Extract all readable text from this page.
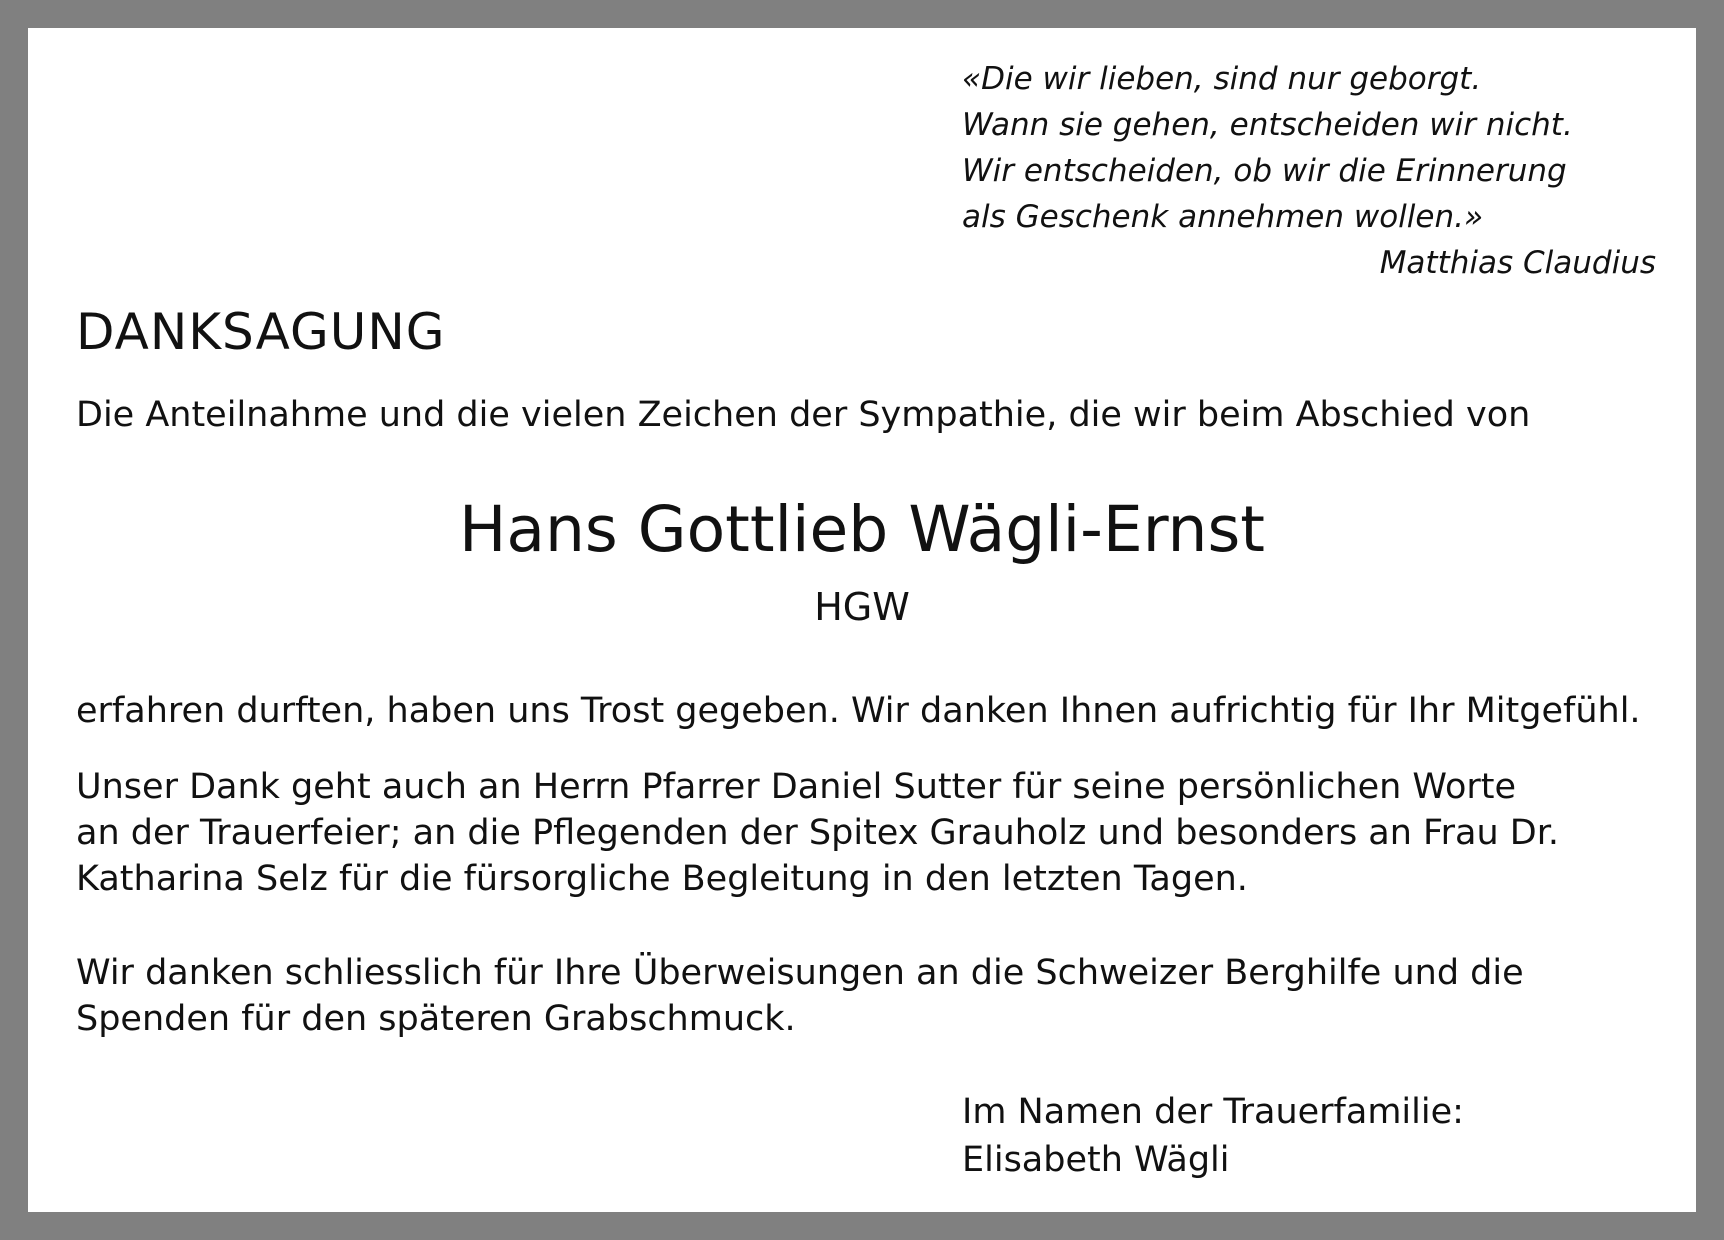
«Die wir lieben, sind nur geborgt.
Wann sie gehen, entscheiden wir nicht.
Wir entscheiden, ob wir die Erinnerung
als Geschenk annehmen wollen.»
Matthias Claudius
DANKSAGUNG
Die Anteilnahme und die vielen Zeichen der Sympathie, die wir beim Abschied von
Hans Gottlieb Wägli-Ernst
HGW
erfahren durften, haben uns Trost gegeben. Wir danken Ihnen aufrichtig für Ihr Mitgefühl.
Unser Dank geht auch an Herrn Pfarrer Daniel Sutter für seine persönlichen Worte
an der Trauerfeier; an die Pflegenden der Spitex Grauholz und besonders an Frau Dr.
Katharina Selz für die fürsorgliche Begleitung in den letzten Tagen.
Wir danken schliesslich für Ihre Überweisungen an die Schweizer Berghilfe und die
Spenden für den späteren Grabschmuck.
Im Namen der Trauerfamilie:
Elisabeth Wägli
